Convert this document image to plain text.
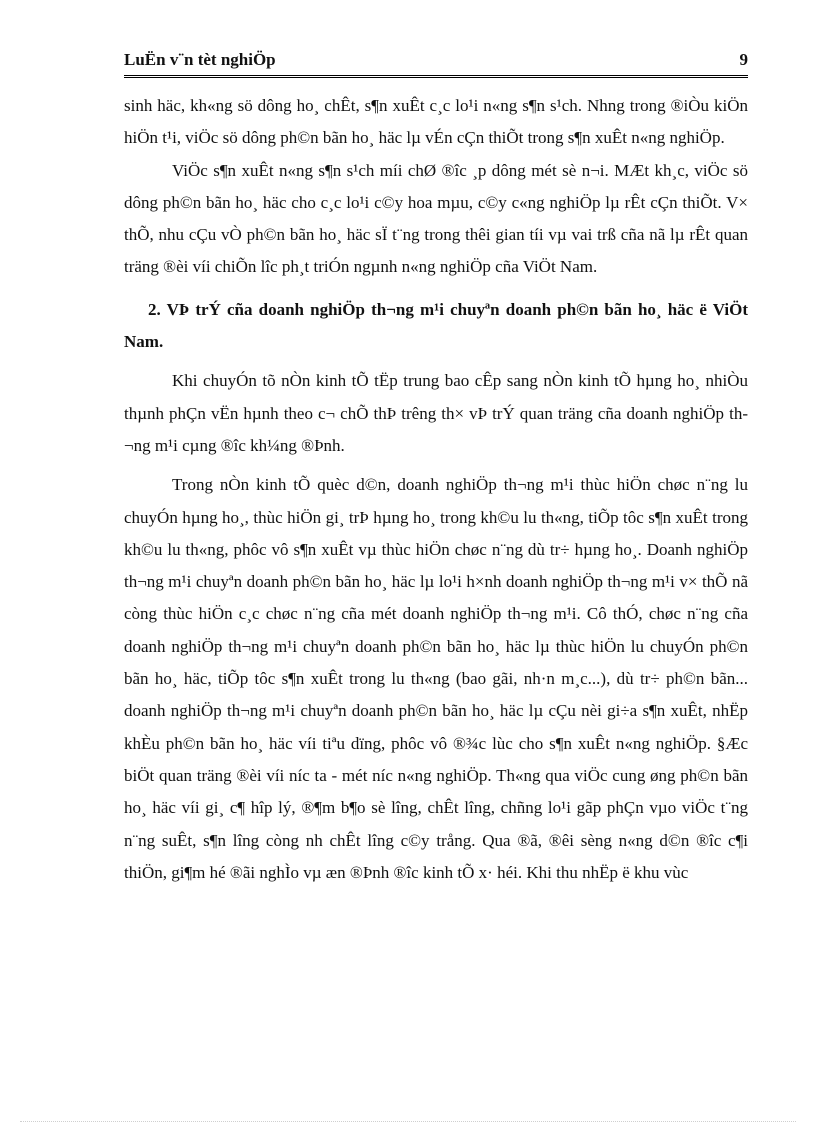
LuËn v¨n tèt nghiÖp	9

sinh häc, kh«ng sö dông ho¸ chÊt, s¶n xuÊt c¸c lo¹i n«ng s¶n s¹ch. Nhng trong ®iÒu kiÖn hiÖn t¹i, viÖc sö dông ph©n bãn ho¸ häc lµ vÉn cÇn thiÕt trong s¶n xuÊt n«ng nghiÖp.

ViÖc s¶n xuÊt n«ng s¶n s¹ch míi chØ ®îc ¸p dông mét sè n¬i. MÆt kh¸c, viÖc sö dông ph©n bãn ho¸ häc cho c¸c lo¹i c©y hoa mµu, c©y c«ng nghiÖp lµ rÊt cÇn thiÕt. V× thÕ, nhu cÇu vÒ ph©n bãn ho¸ häc sÏ t¨ng trong thêi gian tíi vµ vai trß cña nã lµ rÊt quan träng ®èi víi chiÕn lîc ph¸t triÓn ngµnh n«ng nghiÖp cña ViÖt Nam.

2. VÞ trÝ cña doanh nghiÖp th¬ng m¹i chuyªn doanh ph©n bãn ho¸ häc ë ViÖt Nam.

Khi chuyÓn tõ nÒn kinh tÕ tËp trung bao cÊp sang nÒn kinh tÕ hµng ho¸ nhiÒu thµnh phÇn vËn hµnh theo c¬ chÕ thÞ trêng th× vÞ trÝ quan träng cña doanh nghiÖp th¬ng m¹i cµng ®îc kh¼ng ®Þnh.

Trong nÒn kinh tÕ quèc d©n, doanh nghiÖp th¬ng m¹i thùc hiÖn chøc n¨ng lu chuyÓn hµng ho¸, thùc hiÖn gi¸ trÞ hµng ho¸ trong kh©u lu th«ng, tiÕp tôc s¶n xuÊt trong kh©u lu th«ng, phôc vô s¶n xuÊt vµ thùc hiÖn chøc n¨ng dù tr÷ hµng ho¸. Doanh nghiÖp th¬ng m¹i chuyªn doanh ph©n bãn ho¸ häc lµ lo¹i h×nh doanh nghiÖp th¬ng m¹i v× thÕ nã còng thùc hiÖn c¸c chøc n¨ng cña mét doanh nghiÖp th¬ng m¹i. Cô thÓ, chøc n¨ng cña doanh nghiÖp th¬ng m¹i chuyªn doanh ph©n bãn ho¸ häc lµ thùc hiÖn lu chuyÓn ph©n bãn ho¸ häc, tiÕp tôc s¶n xuÊt trong lu th«ng (bao gãi, nh·n m¸c...), dù tr÷ ph©n bãn... doanh nghiÖp th¬ng m¹i chuyªn doanh ph©n bãn ho¸ häc lµ cÇu nèi gi÷a s¶n xuÊt, nhËp khÈu ph©n bãn ho¸ häc víi tiªu dïng, phôc vô ®¾c lùc cho s¶n xuÊt n«ng nghiÖp. §Æc biÖt quan träng ®èi víi níc ta - mét níc n«ng nghiÖp. Th«ng qua viÖc cung øng ph©n bãn ho¸ häc víi gi¸ c¶ hîp lý, ®¶m b¶o sè lîng, chÊt lîng, chñng lo¹i gãp phÇn vµo viÖc t¨ng n¨ng suÊt, s¶n lîng còng nh chÊt lîng c©y trång. Qua ®ã, ®êi sèng n«ng d©n ®îc c¶i thiÖn, gi¶m hé ®ãi nghÌo vµ æn ®Þnh ®îc kinh tÕ x· héi. Khi thu nhËp ë khu vùc
